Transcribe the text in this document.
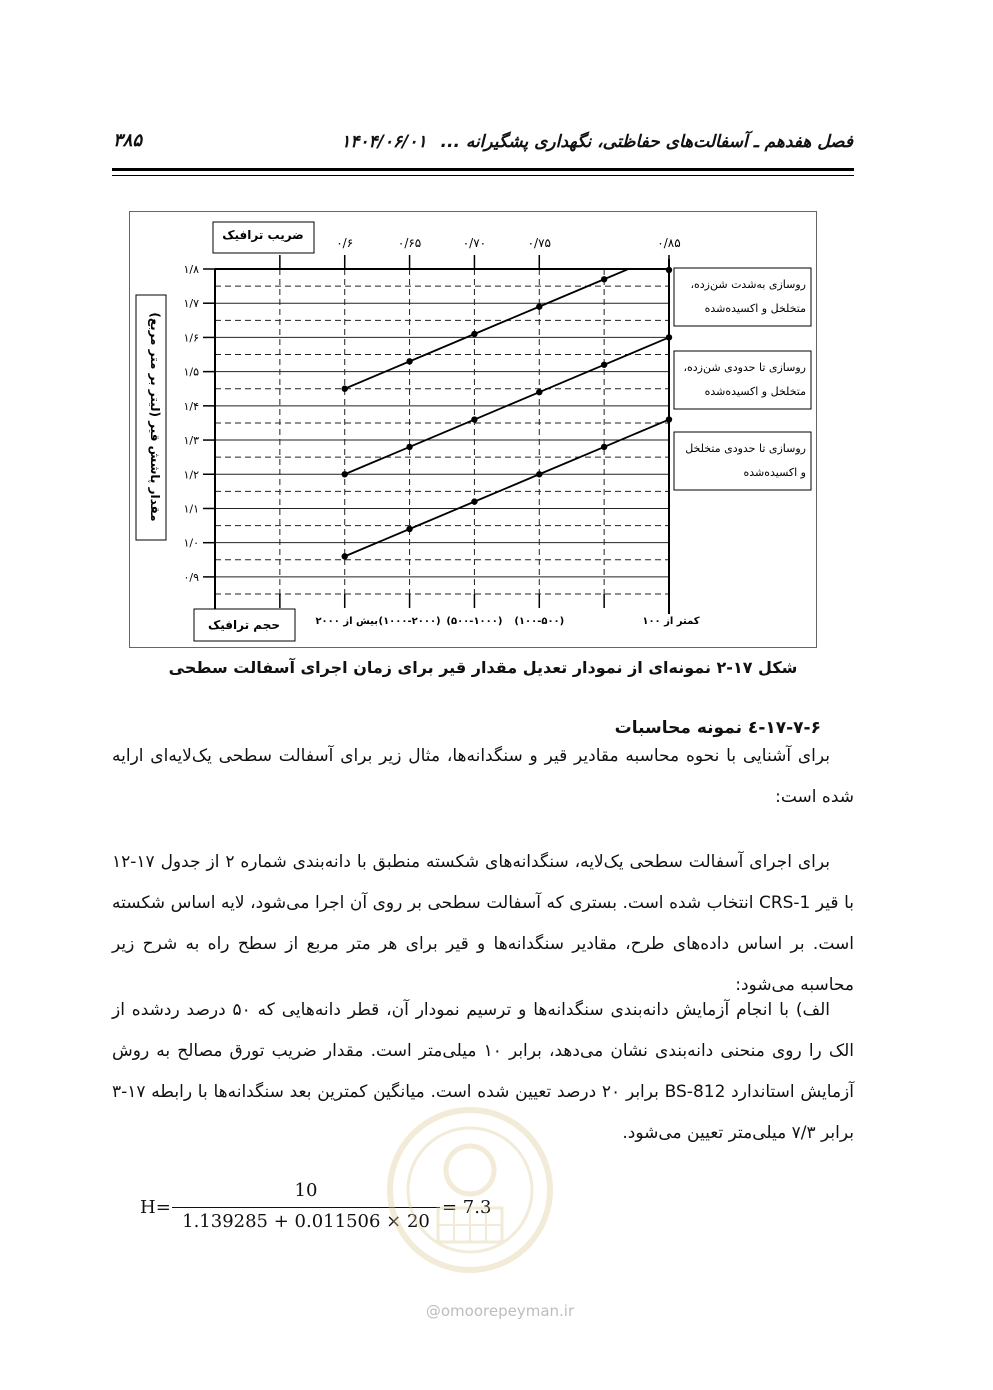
۳۸۵	فصل هفدهم ـ آسفالت‌های حفاظتی، نگهداری پشگیرانه ... ۱۴۰۴/۰۶/۰۱
۰/۶	۰/۶۵	۰/۷۰	۰/۷۵	۰/۸۵
ضریب ترافیک
۰/۹
۱/۰
۱/۱
۱/۲
۱/۳
۱/۴
۱/۵
۱/۶
۱/۷
۱/۸
مقدار پاشش قیر (لیتر بر متر مربع)
بیش از ۲۰۰۰ (۱۰۰۰-۲۰۰۰) (۵۰۰-۱۰۰۰) (۱۰۰-۵۰۰)	کمتر از ۱۰۰
حجم ترافیک
روسازی به‌شدت شن‌زده،
متخلخل و اکسیده‌شده
روسازی تا حدودی شن‌زده،
متخلخل و اکسیده‌شده
روسازی تا حدودی متخلخل
و اکسیده‌شده
شکل ۱۷-۲ نمونه‌ای از نمودار تعدیل مقدار قیر برای زمان اجرای آسفالت سطحی
۱۷-۷-۶-٤ نمونه محاسبات

برای آشنایی با نحوه محاسبه مقادیر قیر و سنگدانه‌ها، مثال زیر برای آسفالت سطحی یک‌لایه‌ای ارایه شده است:

برای اجرای آسفالت سطحی یک‌لایه، سنگدانه‌های شکسته منطبق با دانه‌بندی شماره ۲ از جدول ۱۷-۱۲ با قیر CRS-1 انتخاب شده است. بستری که آسفالت سطحی بر روی آن اجرا می‌شود، لایه اساس شکسته است. بر اساس داده‌های طرح، مقادیر سنگدانه‌ها و قیر برای هر متر مربع از سطح راه به شرح زیر محاسبه می‌شود:

الف) با انجام آزمایش دانه‌بندی سنگدانه‌ها و ترسیم نمودار آن، قطر دانه‌هایی که ۵۰ درصد ردشده از الک را روی منحنی دانه‌بندی نشان می‌دهد، برابر ۱۰ میلی‌متر است. مقدار ضریب تورق مصالح به روش آزمایش استاندارد BS-812 برابر ۲۰ درصد تعیین شده است. میانگین کمترین بعد سنگدانه‌ها با رابطه ۱۷-۳ برابر ۷/۳ میلی‌متر تعیین می‌شود.

H=
10
1.139285 + 0.011506 × 20
= 7.3
@omoorepeyman.ir
